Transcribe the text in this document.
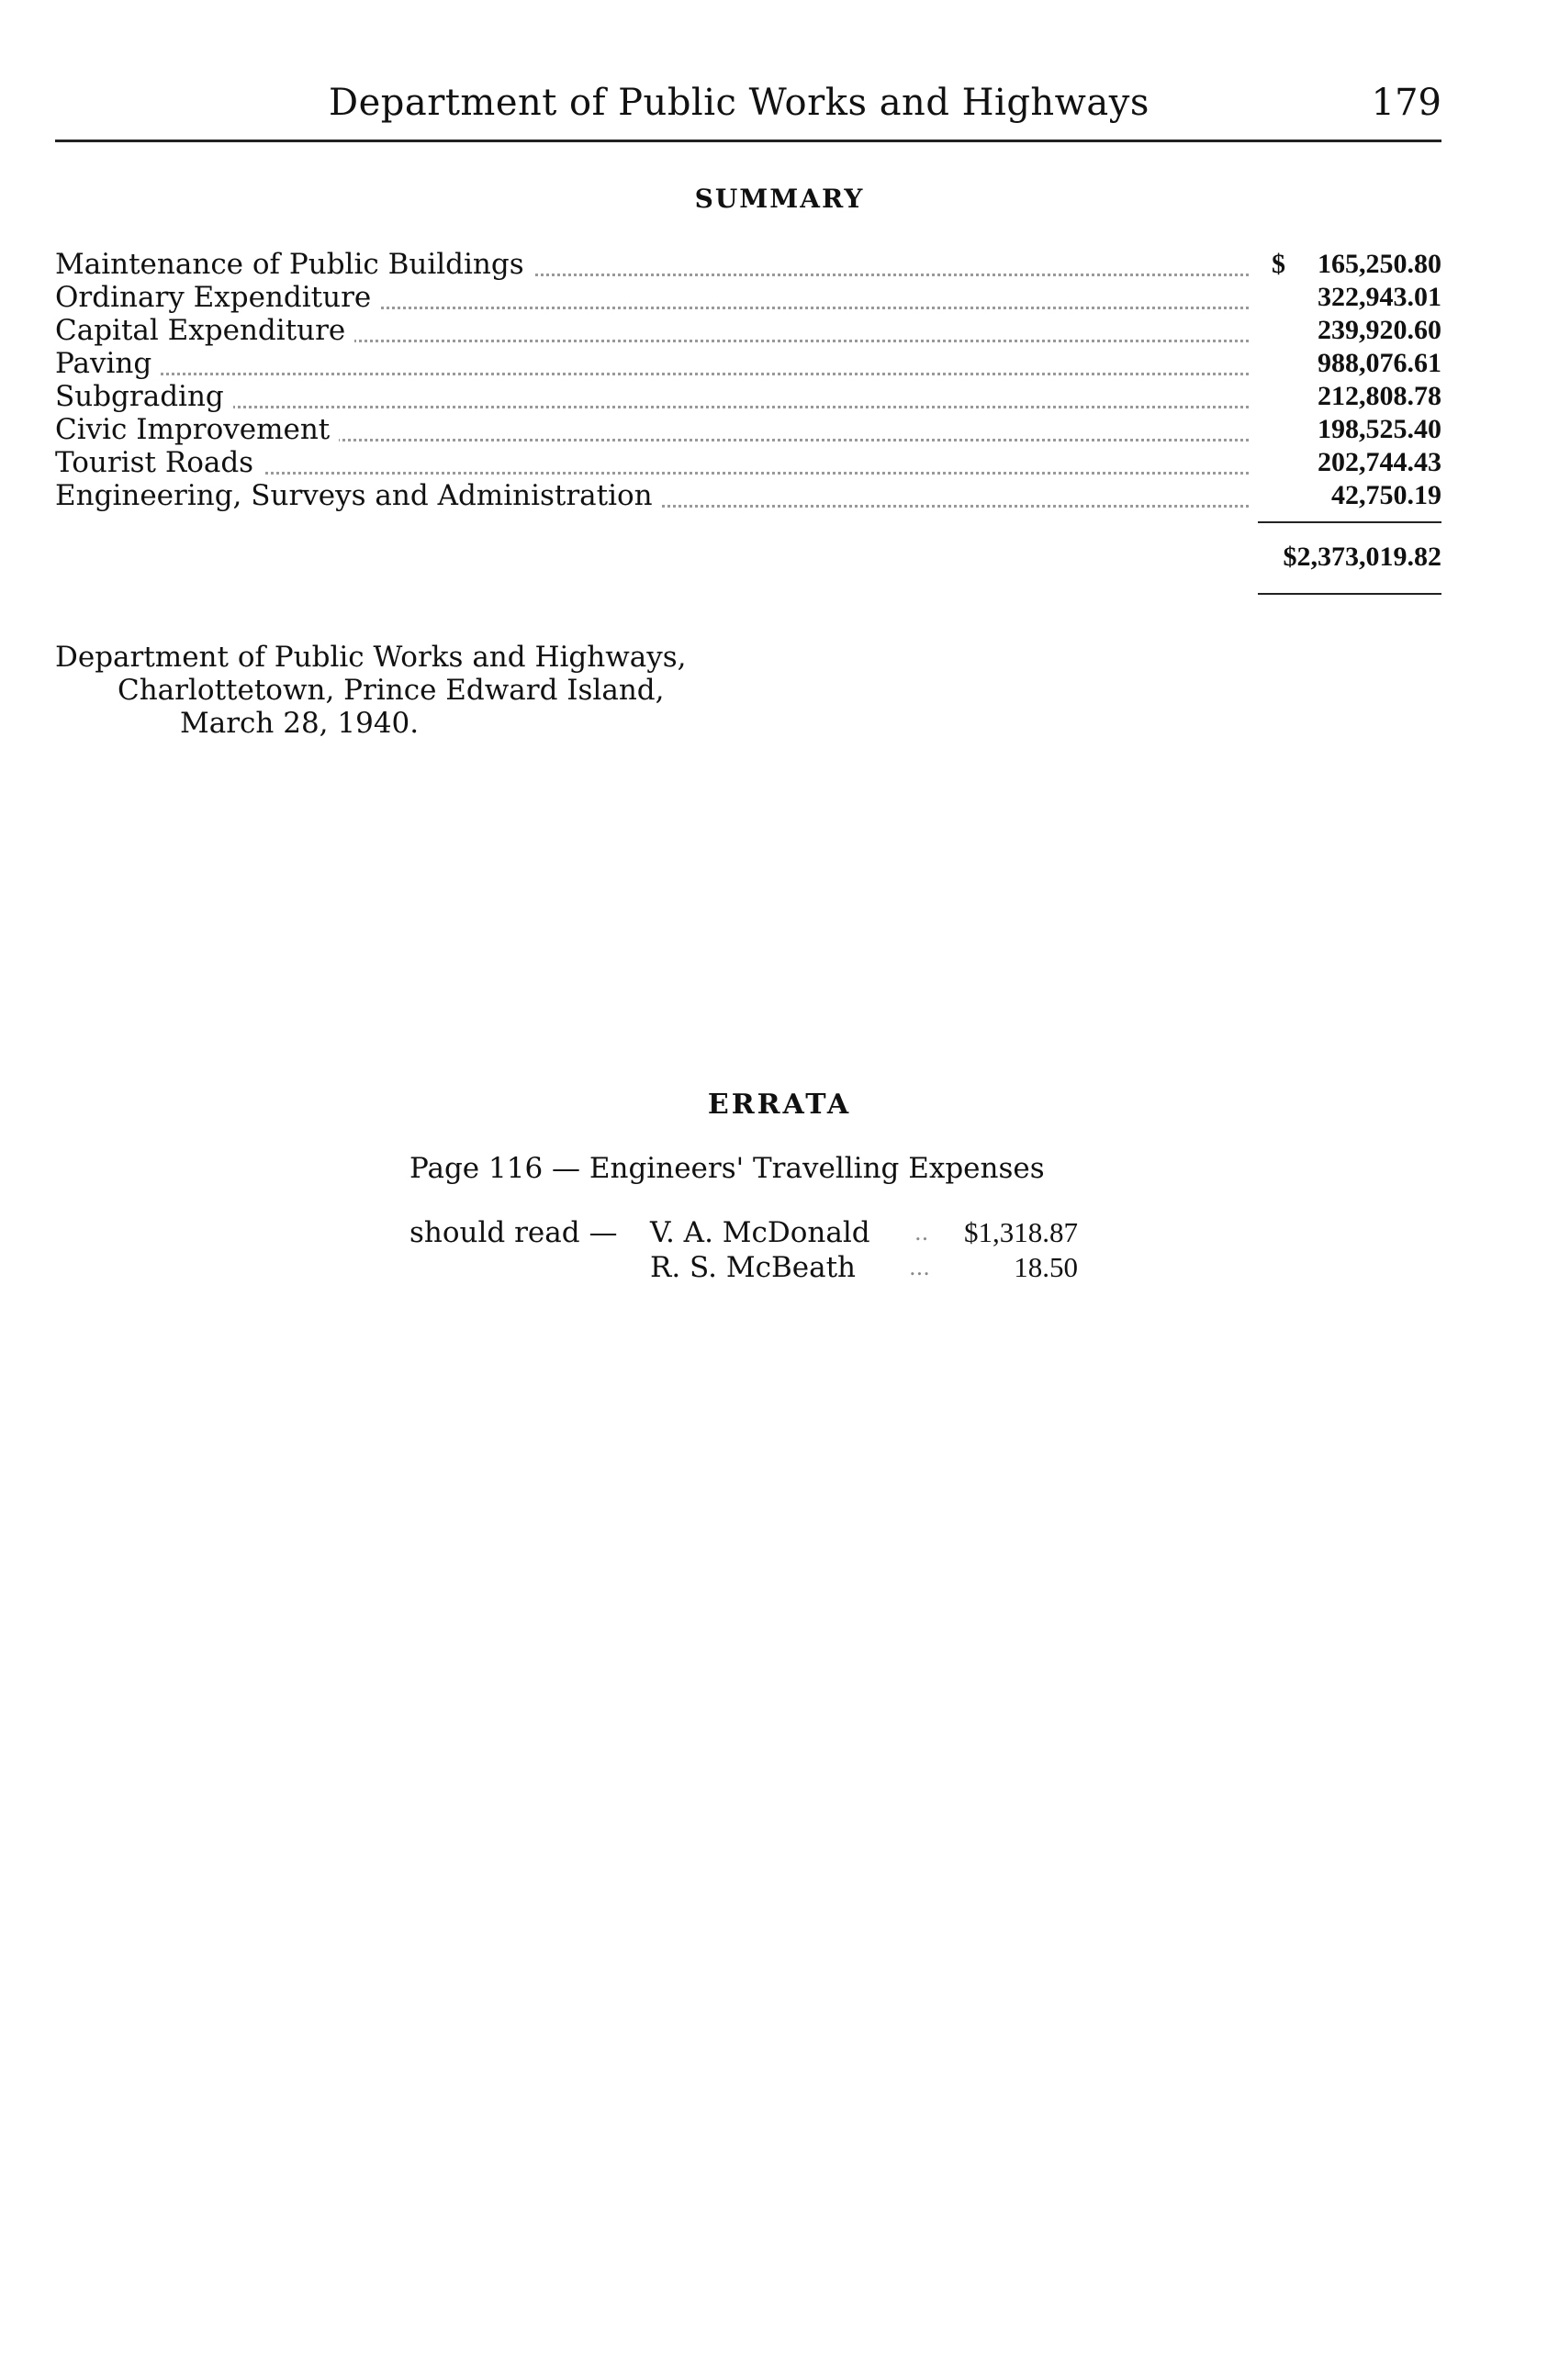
Department of Public Works and Highways	179
SUMMARY
Maintenance of Public Buildings	$ 165,250.80
Ordinary Expenditure	322,943.01
Capital Expenditure	239,920.60
Paving	988,076.61
Subgrading	212,808.78
Civic Improvement	198,525.40
Tourist Roads	202,744.43
Engineering, Surveys and Administration	42,750.19
$2,373,019.82
Department of Public Works and Highways,
Charlottetown, Prince Edward Island,
March 28, 1940.
ERRATA
Page 116 — Engineers' Travelling Expenses
should read — V. A. McDonald ..	$1,318.87
R. S. McBeath ...	18.50
